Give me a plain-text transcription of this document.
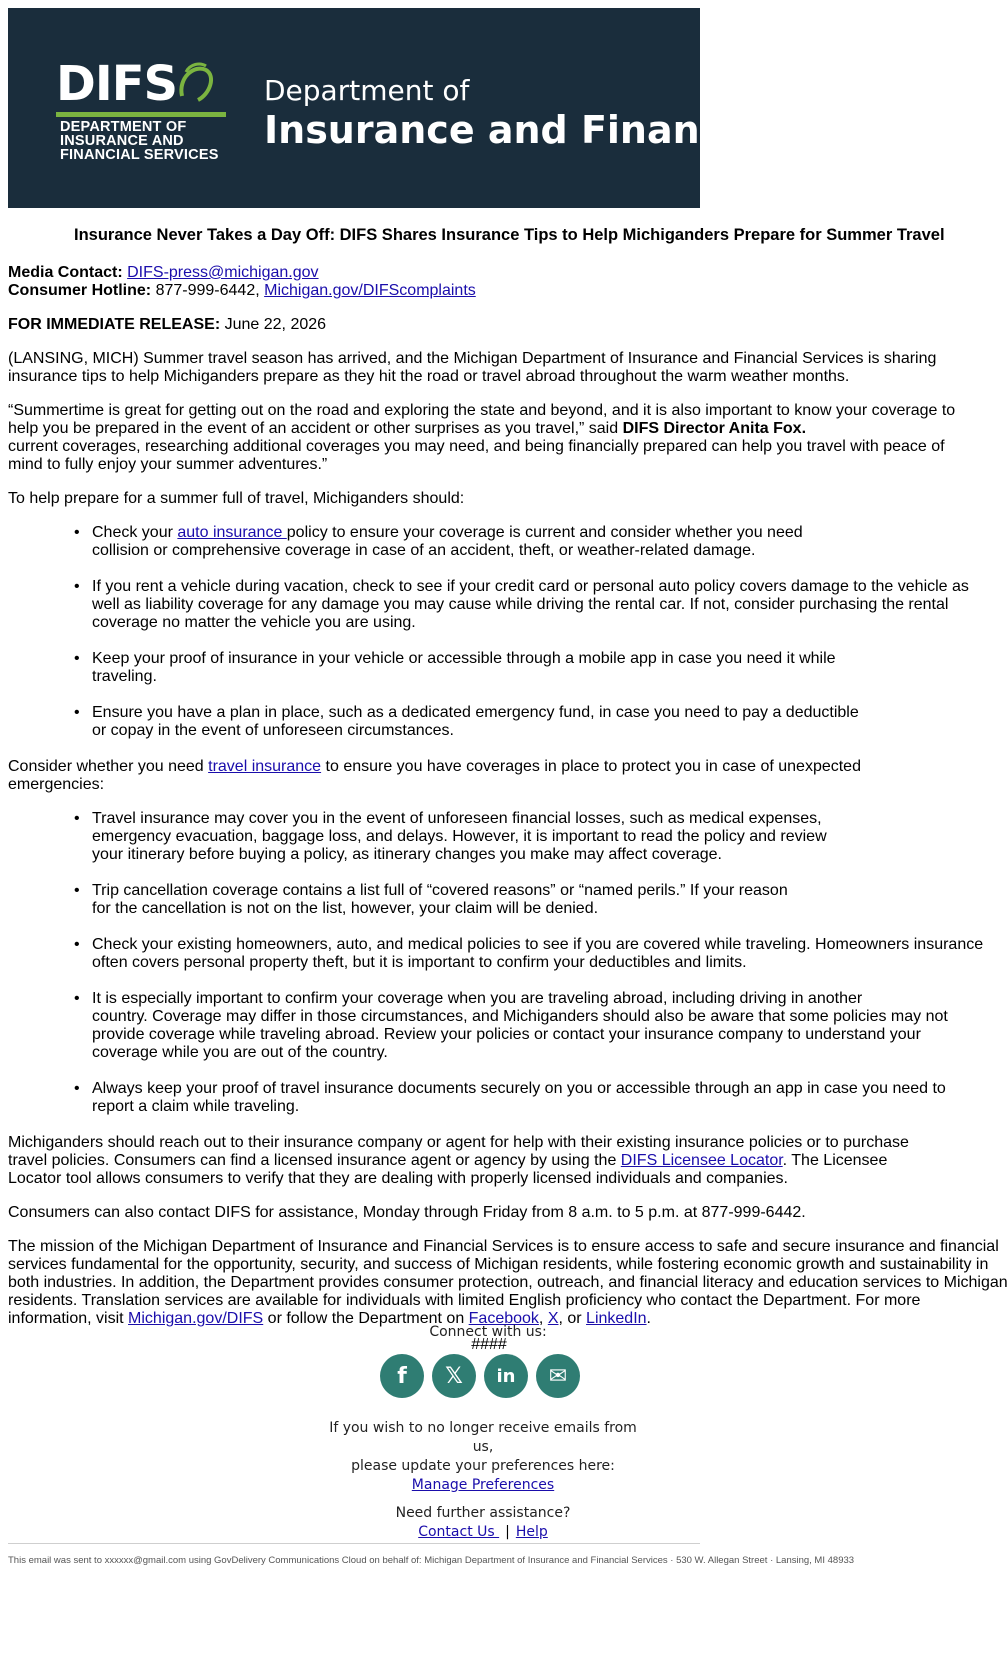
DIFS
DEPARTMENT OF
INSURANCE AND
FINANCIAL SERVICES
Department of
Insurance and Financial Services
Insurance Never Takes a Day Off: DIFS Shares Insurance Tips to Help Michiganders Prepare for Summer Travel
Media Contact: DIFS-press@michigan.gov
Consumer Hotline: 877-999-6442, Michigan.gov/DIFScomplaints

FOR IMMEDIATE RELEASE: June 22, 2026

(LANSING, MICH) Summer travel season has arrived, and the Michigan Department of Insurance and Financial Services is sharing
insurance tips to help Michiganders prepare as they hit the road or travel abroad throughout the warm weather months.

“Summertime is great for getting out on the road and exploring the state and beyond, and it is also important to know your coverage to
help you be prepared in the event of an accident or other surprises as you travel,” said DIFS Director Anita Fox.
current coverages, researching additional coverages you may need, and being financially prepared can help you travel with peace of
mind to fully enjoy your summer adventures.”

To help prepare for a summer full of travel, Michiganders should:

• Check your auto insurance policy to ensure your coverage is current and consider whether you need
collision or comprehensive coverage in case of an accident, theft, or weather-related damage.
• If you rent a vehicle during vacation, check to see if your credit card or personal auto policy covers damage to the vehicle as
well as liability coverage for any damage you may cause while driving the rental car. If not, consider purchasing the rental
coverage no matter the vehicle you are using.
• Keep your proof of insurance in your vehicle or accessible through a mobile app in case you need it while
traveling.
• Ensure you have a plan in place, such as a dedicated emergency fund, in case you need to pay a deductible
or copay in the event of unforeseen circumstances.

Consider whether you need travel insurance to ensure you have coverages in place to protect you in case of unexpected
emergencies:

• Travel insurance may cover you in the event of unforeseen financial losses, such as medical expenses,
emergency evacuation, baggage loss, and delays. However, it is important to read the policy and review
your itinerary before buying a policy, as itinerary changes you make may affect coverage.
• Trip cancellation coverage contains a list full of “covered reasons” or “named perils.” If your reason
for the cancellation is not on the list, however, your claim will be denied.
• Check your existing homeowners, auto, and medical policies to see if you are covered while traveling. Homeowners insurance
often covers personal property theft, but it is important to confirm your deductibles and limits.
• It is especially important to confirm your coverage when you are traveling abroad, including driving in another
country. Coverage may differ in those circumstances, and Michiganders should also be aware that some policies may not
provide coverage while traveling abroad. Review your policies or contact your insurance company to understand your
coverage while you are out of the country.
• Always keep your proof of travel insurance documents securely on you or accessible through an app in case you need to
report a claim while traveling.

Michiganders should reach out to their insurance company or agent for help with their existing insurance policies or to purchase
travel policies. Consumers can find a licensed insurance agent or agency by using the DIFS Licensee Locator. The Licensee
Locator tool allows consumers to verify that they are dealing with properly licensed individuals and companies.

Consumers can also contact DIFS for assistance, Monday through Friday from 8 a.m. to 5 p.m. at 877-999-6442.

The mission of the Michigan Department of Insurance and Financial Services is to ensure access to safe and secure insurance and financial
services fundamental for the opportunity, security, and success of Michigan residents, while fostering economic growth and sustainability in
both industries. In addition, the Department provides consumer protection, outreach, and financial literacy and education services to Michigan
residents. Translation services are available for individuals with limited English proficiency who contact the Department. For more
information, visit Michigan.gov/DIFS or follow the Department on Facebook, X, or LinkedIn.

####
Connect with us:
f	𝕏	in	✉
If you wish to no longer receive emails from us,
please update your preferences here:
Manage Preferences
Need further assistance?
Contact Us | Help
This email was sent to xxxxxx@gmail.com using GovDelivery Communications Cloud on behalf of: Michigan Department of Insurance and Financial Services · 530 W. Allegan Street · Lansing, MI 48933
